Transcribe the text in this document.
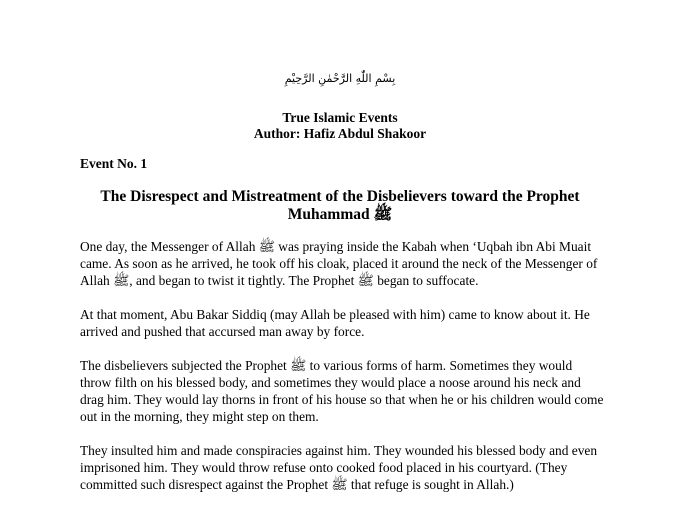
بِسْمِ اللّٰهِ الرَّحْمٰنِ الرَّحِيْمِ
True Islamic Events
Author: Hafiz Abdul Shakoor
Event No. 1
The Disrespect and Mistreatment of the Disbelievers toward the Prophet Muhammad ﷺ

One day, the Messenger of Allah ﷺ was praying inside the Kabah when ‘Uqbah ibn Abi Muait came. As soon as he arrived, he took off his cloak, placed it around the neck of the Messenger of Allah ﷺ, and began to twist it tightly. The Prophet ﷺ began to suffocate.

At that moment, Abu Bakar Siddiq (may Allah be pleased with him) came to know about it. He arrived and pushed that accursed man away by force.

The disbelievers subjected the Prophet ﷺ to various forms of harm. Sometimes they would throw filth on his blessed body, and sometimes they would place a noose around his neck and drag him. They would lay thorns in front of his house so that when he or his children would come out in the morning, they might step on them.

They insulted him and made conspiracies against him. They wounded his blessed body and even imprisoned him. They would throw refuse onto cooked food placed in his courtyard. (They committed such disrespect against the Prophet ﷺ that refuge is sought in Allah.)
